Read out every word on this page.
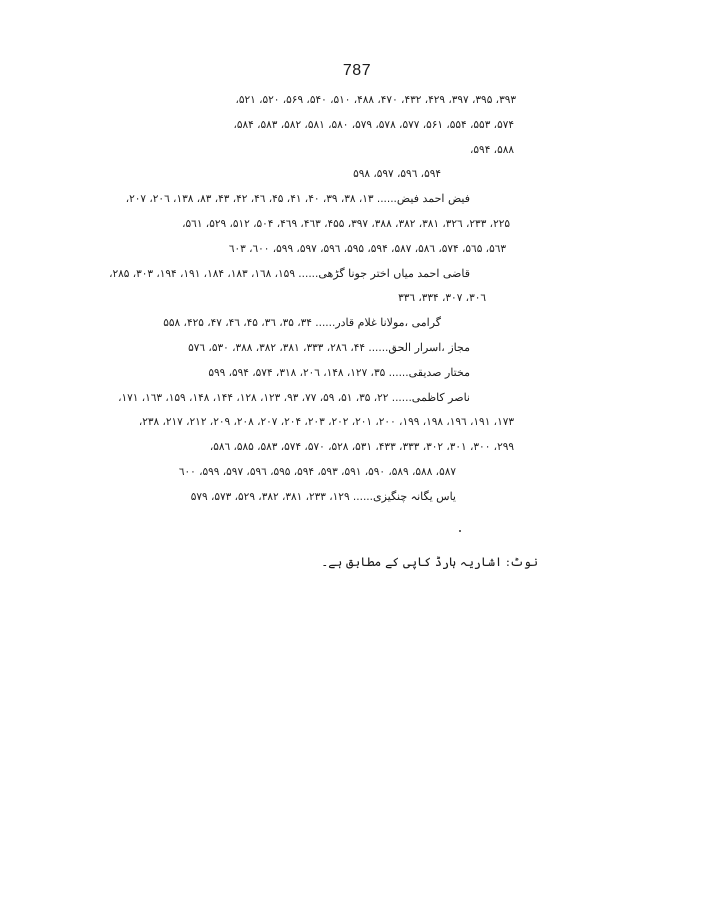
787
٣٩٣، ٣٩۵، ٣٩٧، ۴٢٩، ۴٣٢، ۴٧٠، ۴٨٨، ۵١٠، ۵۴٠، ۵۶٩، ۵٢٠، ۵٢١،
۵٧۴، ۵۵٣، ۵۵۴، ۵۶١، ۵٧٧، ۵٧٨، ۵٧٩، ۵٨٠، ۵٨١، ۵٨٢، ۵٨٣، ۵٨۴،
۵٨٨، ۵٩۴،
۵٩۴، ۵٩٦، ۵٩٧، ۵٩٨
فیض احمد فیض...... ١٣، ٣٨، ٣٩، ۴٠، ۴١، ۴۵، ۴٦، ۴٢، ۴٣، ٨٣، ١٣٨، ٢٠٦، ٢٠٧،
٢٢۵، ٢٣٣، ٣٢٦، ٣٨١، ٣٨٢، ٣٨٨، ٣٩٧، ۴۵۵، ۴٦٣، ۴٦٩، ۵٠۴، ۵١٢، ۵٢٩، ۵٦١،
۵٦٣، ۵٦۵، ۵٧۴، ۵٨٦، ۵٨٧، ۵٩۴، ۵٩۵، ۵٩٦، ۵٩٧، ۵٩٩، ٦٠٠، ٦٠٣
قاضی احمد میاں اختر جونا گڑھی...... ١۵٩، ١٦٨، ١٨٣، ١٨۴، ١٩١، ١٩۴، ٣٠٣، ٢٨۵،
٣٠٦، ٣٠٧، ٣٣۴، ٣٣٦
گرامی ،مولانا غلام قادر...... ٣۴، ٣۵، ٣٦، ۴۵، ۴٦، ۴٧، ۴٢۵، ۵۵٨
مجاز ،اسرار الحق...... ۴۴، ٢٨٦، ٣٣٣، ٣٨١، ٣٨٢، ٣٨٨، ۵٣٠، ۵٧٦
مختار صدیقی...... ٣۵، ١٢٧، ١۴٨، ٢٠٦، ٣١٨، ۵٧۴، ۵٩۴، ۵٩٩
ناصر کاظمی...... ٢٢، ٣۵، ۵١، ۵٩، ٧٧، ٩٣، ١٢٣، ١٢٨، ١۴۴، ١۴٨، ١۵٩، ١٦٣، ١٧١،
١٧٣، ١٩١، ١٩٦، ١٩٨، ١٩٩، ٢٠٠، ٢٠١، ٢٠٢، ٢٠٣، ٢٠۴، ٢٠٧، ٢٠٨، ٢٠٩، ٢١٢، ٢١٧، ٢٣٨،
٢٩٩، ٣٠٠، ٣٠١، ٣٠٢، ٣٣٣، ۴٣٣، ۵٣١، ۵٢٨، ۵٧٠، ۵٧۴، ۵٨٣، ۵٨۵، ۵٨٦،
۵٨٧، ۵٨٨، ۵٨٩، ۵٩٠، ۵٩١، ۵٩٣، ۵٩۴، ۵٩۵، ۵٩٦، ۵٩٧، ۵٩٩، ٦٠٠
یاس یگانہ چنگیزی...... ١٢٩، ٢٣٣، ٣٨١، ٣٨٢، ۵٢٩، ۵٧٣، ۵٧٩
نوٹ: اشاریہ ہارڈ کاپی کے مطابق ہے۔
